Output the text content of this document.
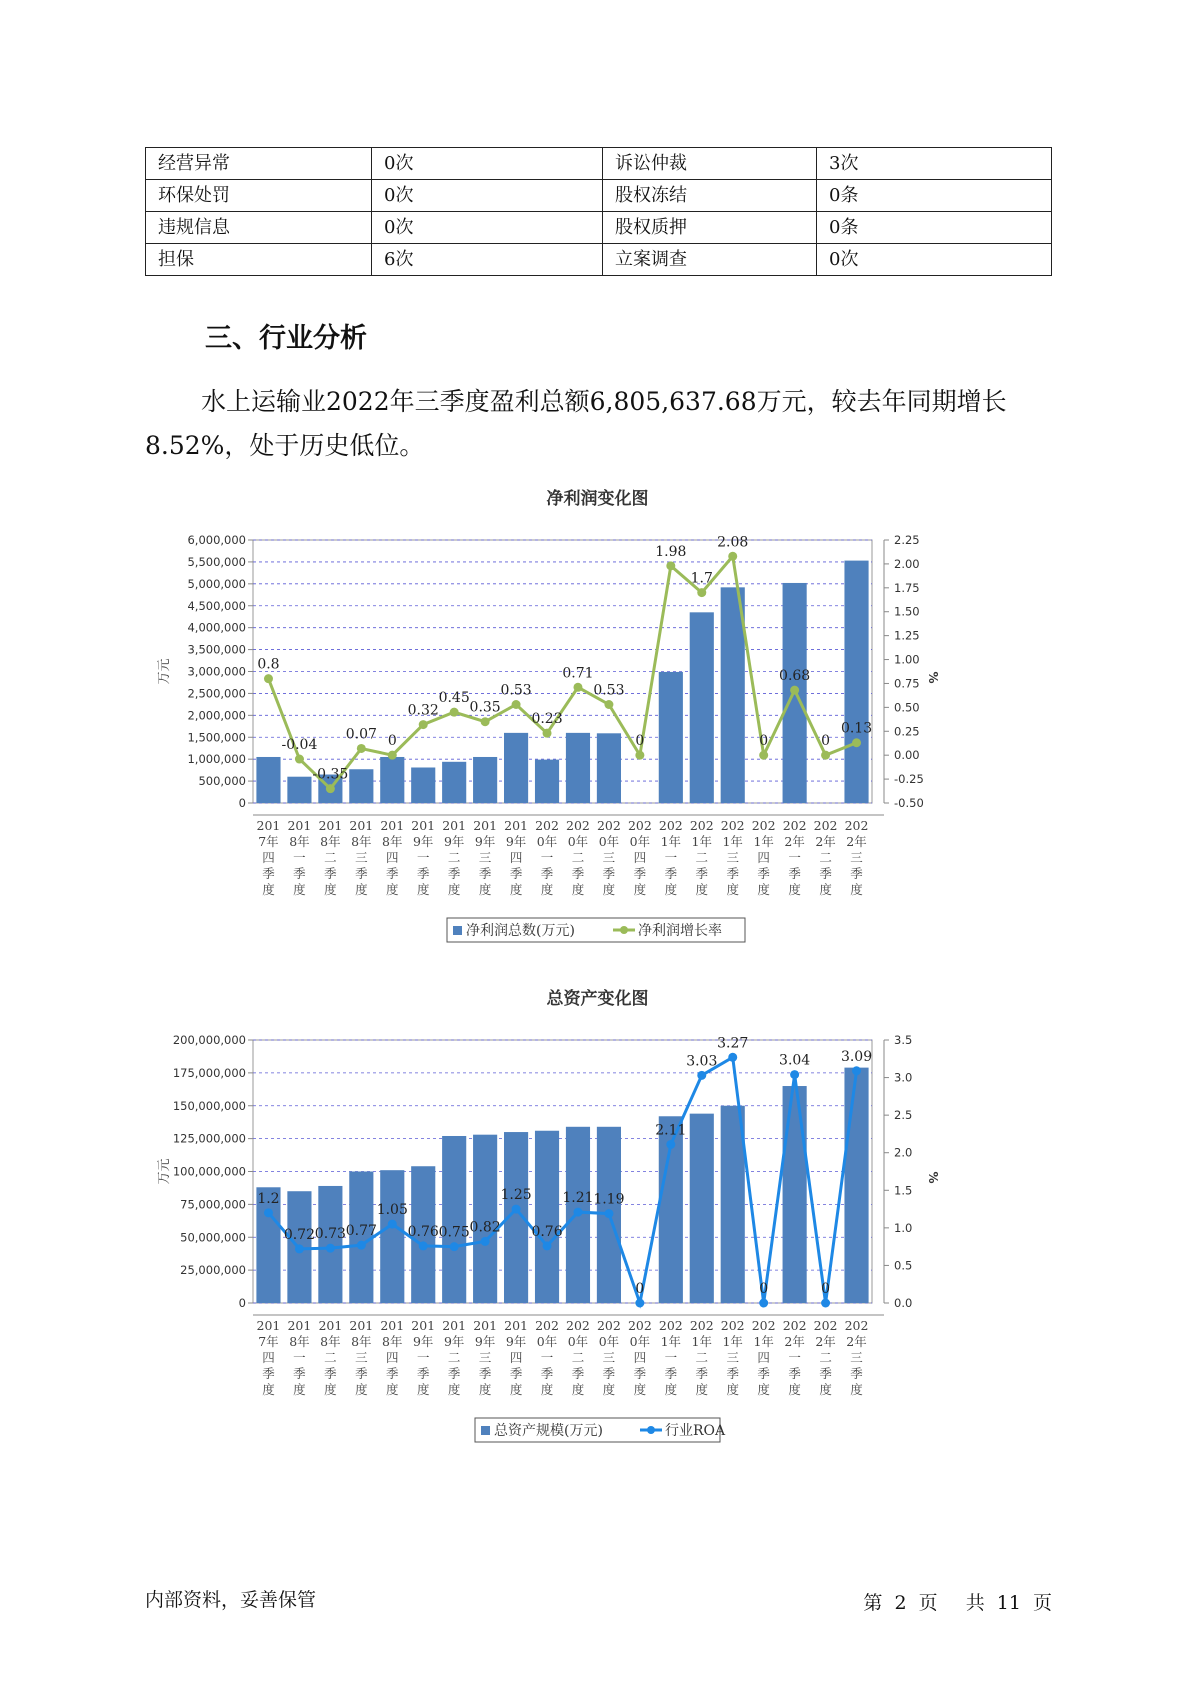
经营异常	0次	诉讼仲裁	3次
环保处罚	0次	股权冻结	0条
违规信息	0次	股权质押	0条
担保	6次	立案调查	0次
三、行业分析

水上运输业2022年三季度盈利总额6,805,637.68万元，较去年同期增长8.52%，处于历史低位。

净利润变化图
6,000,000
5,500,000
5,000,000
4,500,000
4,000,000
3,500,000
3,000,000
2,500,000
2,000,000
1,500,000
1,000,000
500,000
0
2.25
2.00
1.75
1.50
1.25
1.00
0.75
0.50
0.25
0.00
-0.25
-0.50
%
万元	0.8
-0.04
-0.35
0.07 0
0.32
0.45
0.35
0.53
0.23
0.71
0.53
0
1.98
1.7
2.08
0
0.68
0
0.13
201
7年
四
季
度
201
8年
一
季
度
201
8年
二
季
度
201
8年
三
季
度
201
8年
四
季
度
201
9年
一
季
度
201
9年
二
季
度
201
9年
三
季
度
201
9年
四
季
度
202
0年
一
季
度
202
0年
二
季
度
202
0年
三
季
度
202
0年
四
季
度
202
1年
一
季
度
202
1年
二
季
度
202
1年
三
季
度
202
1年
四
季
度
202
2年
一
季
度
202
2年
二
季
度
202
2年
三
季
度
净利润总数(万元)	净利润增长率
总资产变化图
200,000,000
175,000,000
150,000,000
125,000,000
100,000,000
75,000,000
50,000,000
25,000,000
0
3.5
3.0
2.5
2.0
1.5
1.0
0.5
0.0
%
万元
1.2
0.72 0.73 0.77
1.05
0.76 0.75 0.82
1.25
0.76
1.21 1.19
0
2.11
3.03
3.27
0
3.04
0
3.09
201
7年
四
季
度
201
8年
一
季
度
201
8年
二
季
度
201
8年
三
季
度
201
8年
四
季
度
201
9年
一
季
度
201
9年
二
季
度
201
9年
三
季
度
201
9年
四
季
度
202
0年
一
季
度
202
0年
二
季
度
202
0年
三
季
度
202
0年
四
季
度
202
1年
一
季
度
202
1年
二
季
度
202
1年
三
季
度
202
1年
四
季
度
202
2年
一
季
度
202
2年
二
季
度
202
2年
三
季
度
总资产规模(万元)	行业ROA
内部资料，妥善保管	第 2 页 共 11 页
